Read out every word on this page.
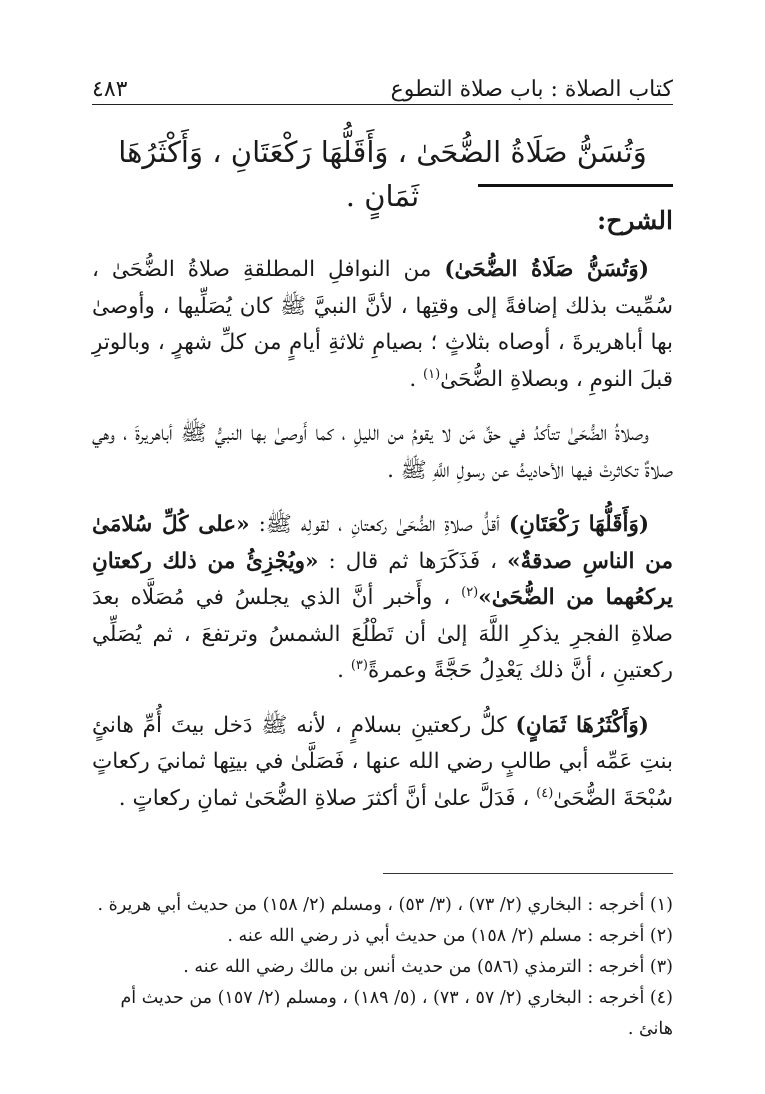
كتاب الصلاة : باب صلاة التطوع
٤٨٣
وَتُسَنُّ صَلَاةُ الضُّحَىٰ ، وَأَقَلُّهَا رَكْعَتَانِ ، وَأَكْثَرُهَا ثَمَانٍ .
الشرح:

(وَتُسَنُّ صَلَاةُ الضُّحَىٰ) من النوافلِ المطلقةِ صلاةُ الضُّحَىٰ ، سُمِّيت بذلك إضافةً إلى وقتِها ، لأنَّ النبيَّ ﷺ كان يُصَلِّيها ، وأوصىٰ بها أباهريرةَ ، أوصاه بثلاثٍ ؛ بصيامِ ثلاثةِ أيامٍ من كلِّ شهرٍ ، وبالوترِ قبلَ النومِ ، وبصلاةِ الضُّحَىٰ$^{(١)}$ .

وصلاةُ الضُّحَىٰ تتأكدُ في حقِّ مَن لا يقومُ من الليلِ ، كما أَوصىٰ بها النبيُّ ﷺ أباهريرةَ ، وهي صلاةٌ تكاثرتْ فيها الأحاديثُ عن رسولِ اللَّهِ ﷺ .

(وَأَقَلُّهَا رَكْعَتَانِ) أقلُّ صلاةِ الضُّحَىٰ ركعتانِ ، لقولِه ﷺ: «على كُلِّ سُلامَىٰ من الناسِ صدقةٌ» ، فَذَكَرَها ثم قال : «ويُجْزِئُ من ذلك ركعتانِ يركعُهما من الضُّحَىٰ»$^{(٢)}$ ، وأَخبر أنَّ الذي يجلسُ في مُصَلَّاه بعدَ صلاةِ الفجرِ يذكرِ اللَّهَ إلىٰ أن تَطْلُعَ الشمسُ وترتفعَ ، ثم يُصَلِّي ركعتينِ ، أنَّ ذلك يَعْدِلُ حَجَّةً وعمرةً$^{(٣)}$ .

(وَأَكْثَرُهَا ثَمَانٍ) كلُّ ركعتينِ بسلامٍ ، لأنه ﷺ دَخل بيتَ أُمِّ هانئٍ بنتِ عَمِّه أبي طالبٍ رضي الله عنها ، فَصَلَّىٰ في بيتِها ثمانيَ ركعاتٍ سُبْحَةَ الضُّحَىٰ$^{(٤)}$ ، فَدَلَّ علىٰ أنَّ أكثرَ صلاةِ الضُّحَىٰ ثمانِ ركعاتٍ .

(١) أخرجه : البخاري (٢/ ٧٣) ، (٣/ ٥٣) ، ومسلم (٢/ ١٥٨) من حديث أبي هريرة .

(٢) أخرجه : مسلم (٢/ ١٥٨) من حديث أبي ذر رضي الله عنه .

(٣) أخرجه : الترمذي (٥٨٦) من حديث أنس بن مالك رضي الله عنه .

(٤) أخرجه : البخاري (٢/ ٥٧ ، ٧٣) ، (٥/ ١٨٩) ، ومسلم (٢/ ١٥٧) من حديث أم هانئ .
